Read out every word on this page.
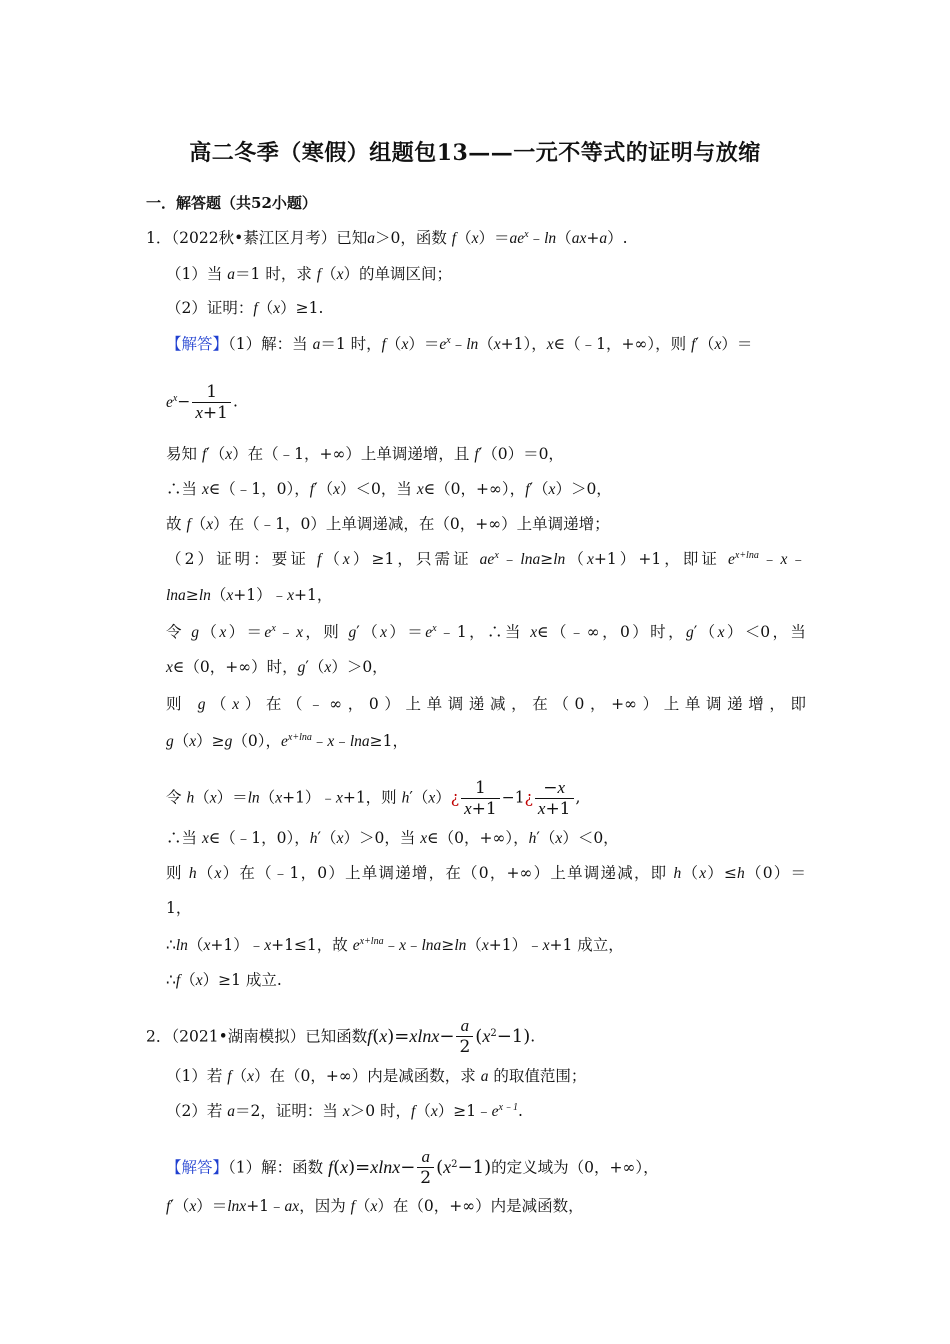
高二冬季（寒假）组题包13——一元不等式的证明与放缩
一．解答题（共52小题）
1．（2022秋•綦江区月考）已知a＞0，函数 $f(x)=ae^x﹣\ln(ax+a)$.
（1）当 a＝1 时，求 f（x）的单调区间；
（2）证明：f（x）≥1.
【解答】（1）解：当 a＝1 时，$f(x)=e^x﹣\ln(x+1)$，x∈（﹣1，+∞），则 f′（x）＝
$e^x- \frac{1}{x+1}$ .
易知 f′（x）在（﹣1，+∞）上单调递增，且 f′（0）＝0，
∴当 x∈（﹣1，0），f′（x）＜0，当 x∈（0，+∞），f′（x）＞0，
故 f（x）在（﹣1，0）上单调递减，在（0，+∞）上单调递增；
（2）证明：要证 f（x）≥1，只需证 $ae^x﹣\ln a\ge\ln(x+1)+1$，即证 $e^{x+lna}﹣x﹣$
lna≥ln（x+1）﹣x+1，
令 $g(x)=e^x﹣x$，则 $g'(x)=e^x﹣1$，∴当 x∈（﹣∞，0）时，g′（x）＜0，当
x∈（0，+∞）时，g′（x）＞0，
则 g（x）在（﹣∞，0）上单调递减，在（0，+∞）上单调递增，即
g（x）≥g（0），$e^{x+lna}﹣x﹣\ln a\ge 1$，
令 h（x）＝ln（x+1）﹣x+1，则 h′（x）¿ $\frac{1}{x+1}$ −1¿ $\frac{-x}{x+1}$ ,
∴当 x∈（﹣1，0），h′（x）＞0，当 x∈（0，+∞），h′（x）＜0，
则 h（x）在（﹣1，0）上单调递增，在（0，+∞）上单调递减，即 h（x）≤h（0）＝
1，
∴ln（x+1）﹣x+1≤1，故 $e^{x+lna}﹣x﹣\ln a\ge\ln(x+1)﹣x+1$ 成立，
∴f（x）≥1 成立.
2．（2021•湖南模拟）已知函数$f(x)=xlnx- \frac{a}{2} (x^2-1)$.
（1）若 f（x）在（0，+∞）内是减函数，求 a 的取值范围；
（2）若 a＝2，证明：当 x＞0 时，$f(x)\ge 1﹣e^{x﹣1}$.
【解答】（1）解：函数 $f(x)=xlnx- \frac{a}{2} (x^2-1)$的定义域为（0，+∞），
f′（x）＝lnx+1﹣ax，因为 f（x）在（0，+∞）内是减函数，
